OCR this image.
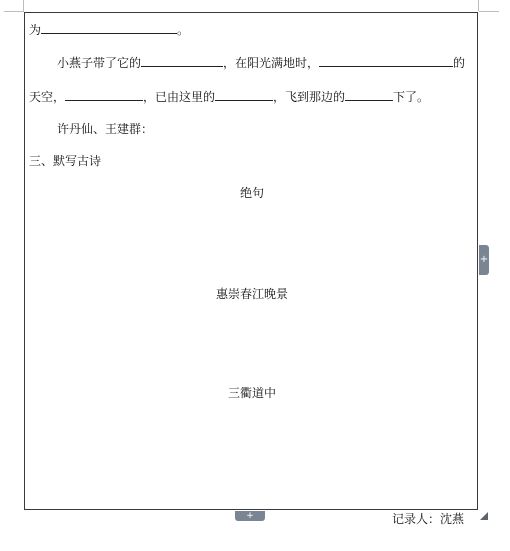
为	。
小燕子带了它的	，在阳光满地时，	的
天空，	，已由这里的	，飞到那边的	下了。
许丹仙、王建群：
三、默写古诗
绝句
惠崇春江晚景
三衢道中
+
+	记录人：沈燕
